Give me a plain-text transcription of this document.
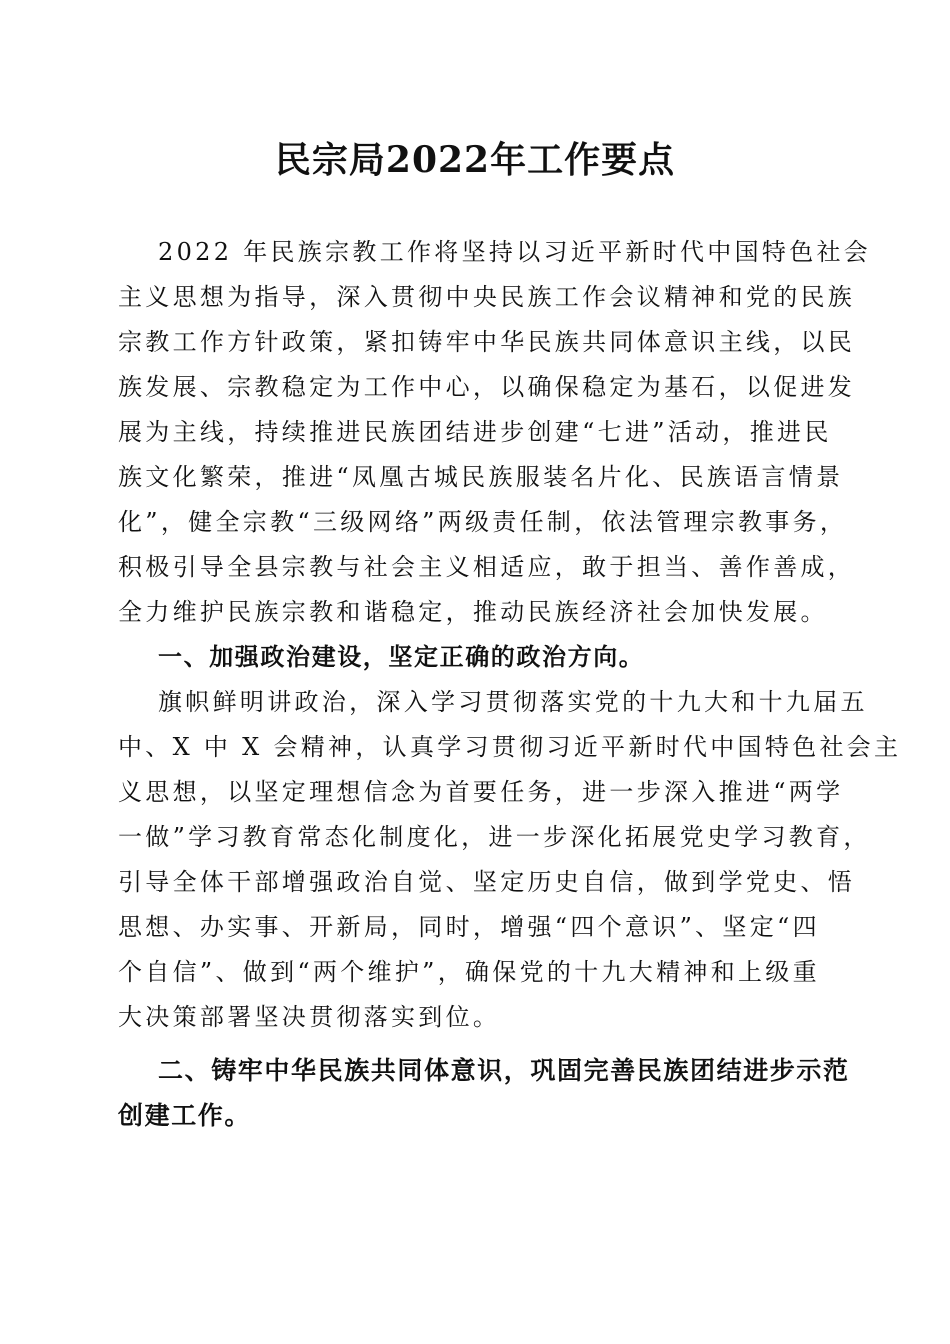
民宗局2022年工作要点
2022 年民族宗教工作将坚持以习近平新时代中国特色社会
主义思想为指导，深入贯彻中央民族工作会议精神和党的民族
宗教工作方针政策，紧扣铸牢中华民族共同体意识主线，以民
族发展、宗教稳定为工作中心，以确保稳定为基石，以促进发
展为主线，持续推进民族团结进步创建“七进”活动，推进民
族文化繁荣，推进“凤凰古城民族服装名片化、民族语言情景
化”，健全宗教“三级网络”两级责任制，依法管理宗教事务，
积极引导全县宗教与社会主义相适应，敢于担当、善作善成，
全力维护民族宗教和谐稳定，推动民族经济社会加快发展。
一、加强政治建设，坚定正确的政治方向。
旗帜鲜明讲政治，深入学习贯彻落实党的十九大和十九届五
中、X 中 X 会精神，认真学习贯彻习近平新时代中国特色社会主
义思想，以坚定理想信念为首要任务，进一步深入推进“两学
一做”学习教育常态化制度化，进一步深化拓展党史学习教育，
引导全体干部增强政治自觉、坚定历史自信，做到学党史、悟
思想、办实事、开新局，同时，增强“四个意识”、坚定“四
个自信”、做到“两个维护”，确保党的十九大精神和上级重
大决策部署坚决贯彻落实到位。
二、铸牢中华民族共同体意识，巩固完善民族团结进步示范
创建工作。
